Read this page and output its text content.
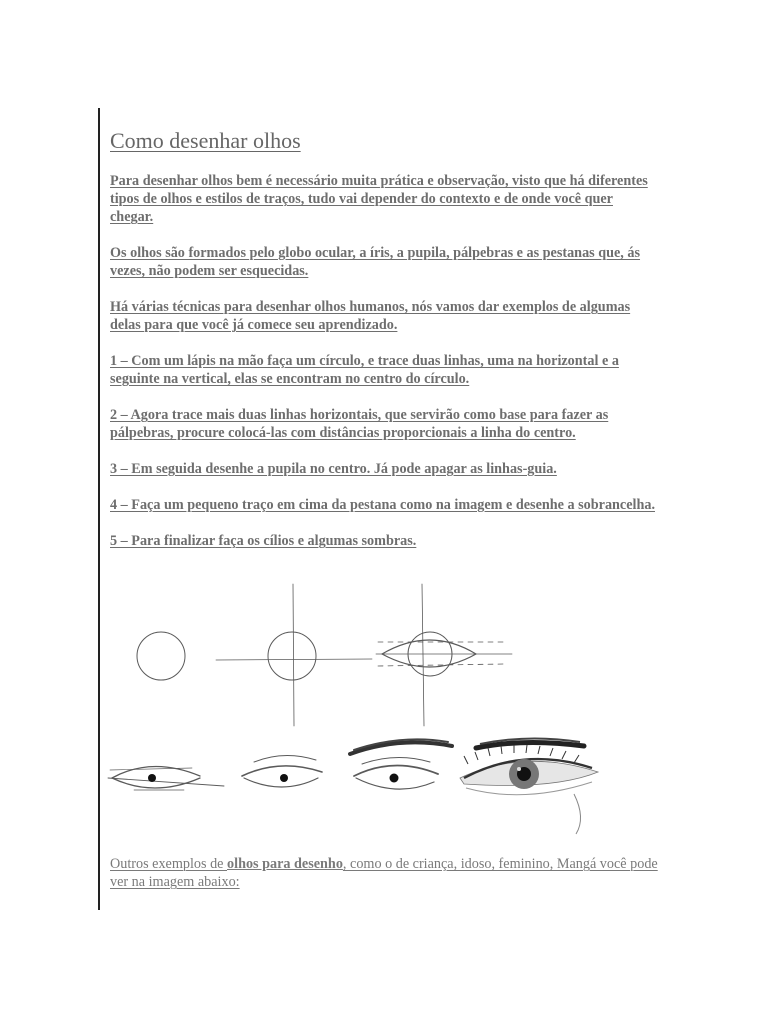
Como desenhar olhos

Para desenhar olhos bem é necessário muita prática e observação, visto que há diferentes tipos de olhos e estilos de traços, tudo vai depender do contexto e de onde você quer chegar.

Os olhos são formados pelo globo ocular, a íris, a pupila, pálpebras e as pestanas que, ás vezes, não podem ser esquecidas.

Há várias técnicas para desenhar olhos humanos, nós vamos dar exemplos de algumas delas para que você já comece seu aprendizado.

1 – Com um lápis na mão faça um círculo, e trace duas linhas, uma na horizontal e a seguinte na vertical, elas se encontram no centro do círculo.

2 – Agora trace mais duas linhas horizontais, que servirão como base para fazer as pálpebras, procure colocá-las com distâncias proporcionais a linha do centro.

3 – Em seguida desenhe a pupila no centro. Já pode apagar as linhas-guia.

4 – Faça um pequeno traço em cima da pestana como na imagem e desenhe a sobrancelha.

5 – Para finalizar faça os cílios e algumas sombras.

Outros exemplos de olhos para desenho, como o de criança, idoso, feminino, Mangá você pode ver na imagem abaixo:
